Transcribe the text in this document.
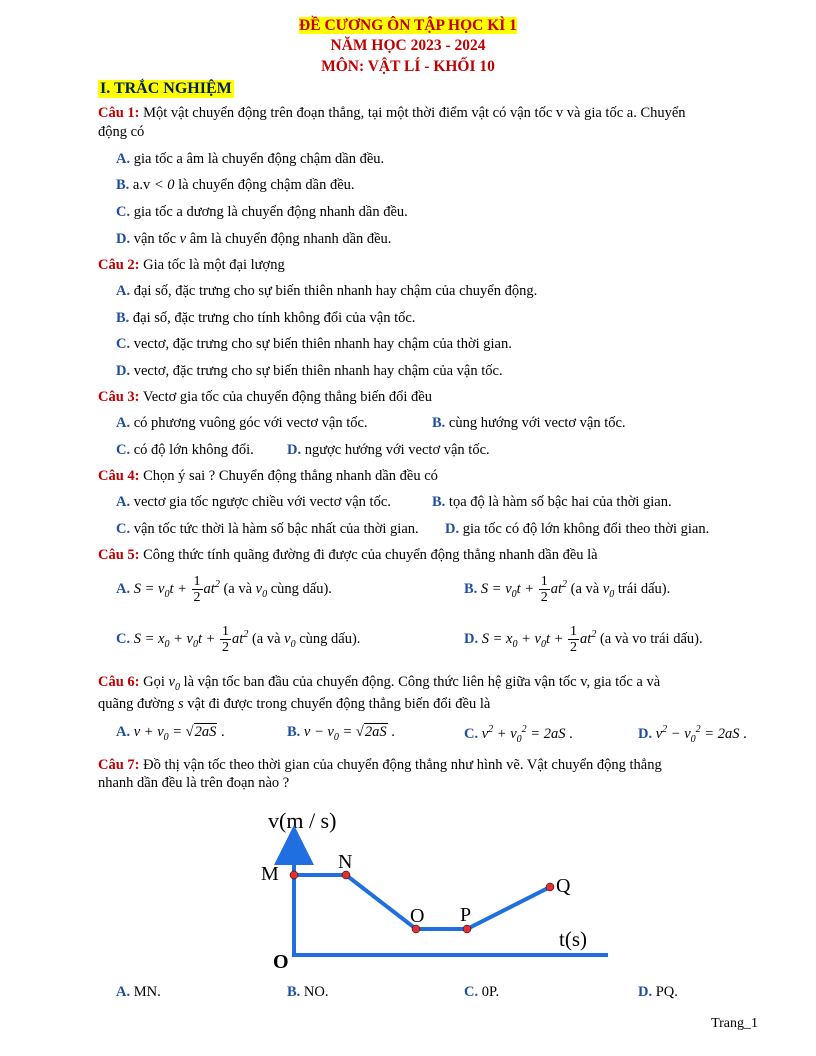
ĐỀ CƯƠNG ÔN TẬP HỌC KÌ 1
NĂM HỌC 2023 - 2024
MÔN: VẬT LÍ - KHỐI 10
I. TRẮC NGHIỆM
Câu 1: Một vật chuyển động trên đoạn thẳng, tại một thời điểm vật có vận tốc v và gia tốc a. Chuyển
động có
A. gia tốc a âm là chuyển động chậm dần đều.
B. a.v < 0 là chuyển động chậm dần đều.
C. gia tốc a dương là chuyển động nhanh dần đều.
D. vận tốc v âm là chuyển động nhanh dần đều.
Câu 2: Gia tốc là một đại lượng
A. đại số, đặc trưng cho sự biến thiên nhanh hay chậm của chuyển động.
B. đại số, đặc trưng cho tính không đổi của vận tốc.
C. vectơ, đặc trưng cho sự biến thiên nhanh hay chậm của thời gian.
D. vectơ, đặc trưng cho sự biến thiên nhanh hay chậm của vận tốc.
Câu 3: Vectơ gia tốc của chuyển động thẳng biến đổi đều
A. có phương vuông góc với vectơ vận tốc.	B. cùng hướng với vectơ vận tốc.
C. có độ lớn không đổi. D. ngược hướng với vectơ vận tốc.
Câu 4: Chọn ý sai ? Chuyển động thẳng nhanh dần đều có
A. vectơ gia tốc ngược chiều với vectơ vận tốc.	B. tọa độ là hàm số bậc hai của thời gian.
C. vận tốc tức thời là hàm số bậc nhất của thời gian. D. gia tốc có độ lớn không đổi theo thời gian.
Câu 5: Công thức tính quãng đường đi được của chuyển động thẳng nhanh dần đều là
A. $S = v_0t + \frac{1}{2} at^2$ (a và $v_0$ cùng dấu).	B. $S = v_0t + \frac{1}{2} at^2$ (a và $v_0$ trái dấu).
C. $S = x_0 + v_0t + \frac{1}{2} at^2$ (a và $v_0$ cùng dấu).	D. $S = x_0 + v_0t + \frac{1}{2} at^2$ (a và vo trái dấu).
Câu 6: Gọi $v_0$ là vận tốc ban đầu của chuyển động. Công thức liên hệ giữa vận tốc v, gia tốc a và
quãng đường s vật đi được trong chuyển động thẳng biến đổi đều là
A. $v + v_0 = √2aS$ .	B. $v - v_0 = √2aS$ .	C. $v^2 + v_0^2 = 2aS$ .	D. $v^2 - v_0^2 = 2aS$ .
Câu 7: Đồ thị vận tốc theo thời gian của chuyển động thẳng như hình vẽ. Vật chuyển động thẳng
nhanh dần đều là trên đoạn nào ?
v(m / s)
M
N
O P
Q
t(s)
O
A. MN.	B. NO.	C. 0P.	D. PQ.
Trang_1
